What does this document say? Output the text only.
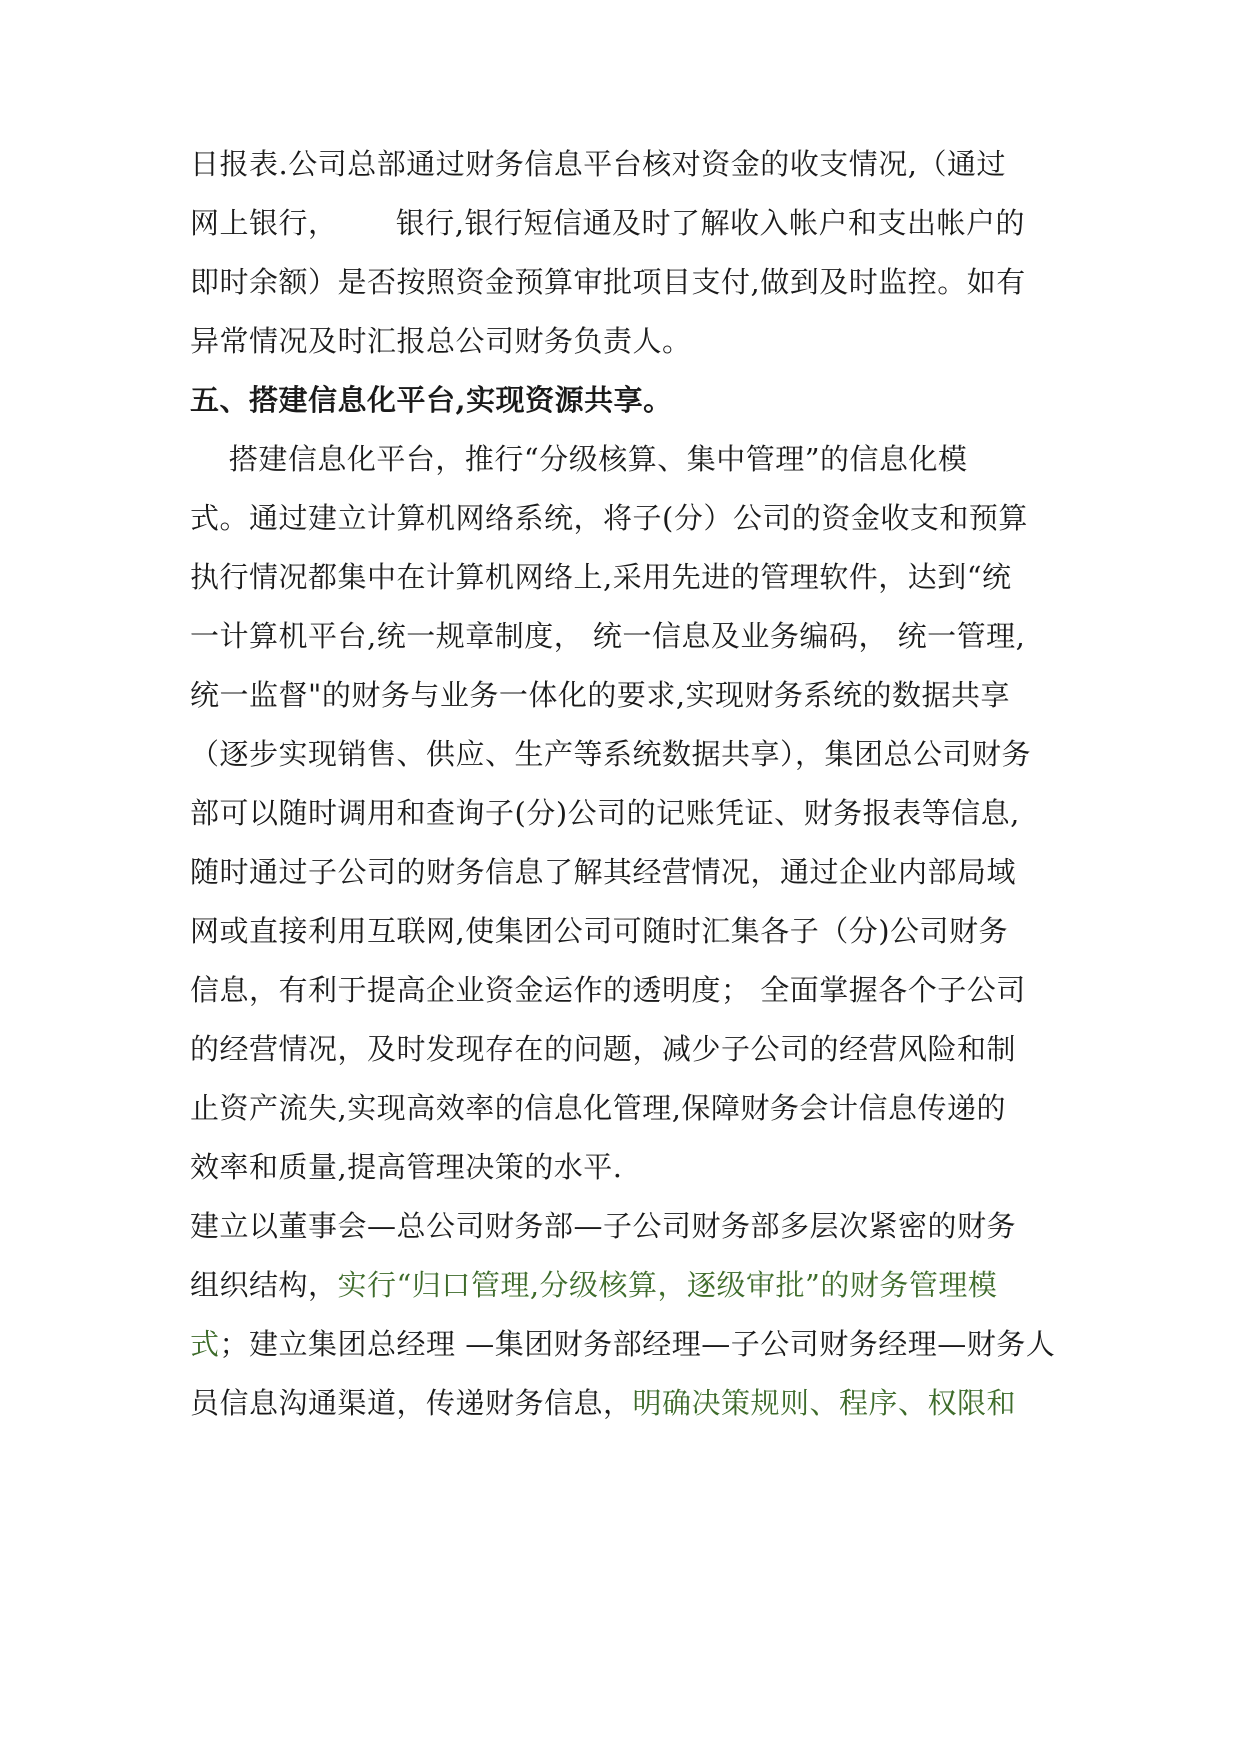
日报表.公司总部通过财务信息平台核对资金的收支情况,（通过
网上银行，      银行,银行短信通及时了解收入帐户和支出帐户的
即时余额）是否按照资金预算审批项目支付,做到及时监控。如有
异常情况及时汇报总公司财务负责人。
五、搭建信息化平台,实现资源共享。
搭建信息化平台，推行“分级核算、集中管理”的信息化模
式。通过建立计算机网络系统，将子(分）公司的资金收支和预算
执行情况都集中在计算机网络上,采用先进的管理软件，达到“统
一计算机平台,统一规章制度， 统一信息及业务编码， 统一管理,
统一监督"的财务与业务一体化的要求,实现财务系统的数据共享
（逐步实现销售、供应、生产等系统数据共享），集团总公司财务
部可以随时调用和查询子(分)公司的记账凭证、财务报表等信息,
随时通过子公司的财务信息了解其经营情况，通过企业内部局域
网或直接利用互联网,使集团公司可随时汇集各子（分)公司财务
信息，有利于提高企业资金运作的透明度； 全面掌握各个子公司
的经营情况，及时发现存在的问题，减少子公司的经营风险和制
止资产流失,实现高效率的信息化管理,保障财务会计信息传递的
效率和质量,提高管理决策的水平.
建立以董事会—总公司财务部—子公司财务部多层次紧密的财务
组织结构，实行“归口管理,分级核算，逐级审批”的财务管理模
式；建立集团总经理 —集团财务部经理—子公司财务经理—财务人
员信息沟通渠道，传递财务信息，明确决策规则、程序、权限和
